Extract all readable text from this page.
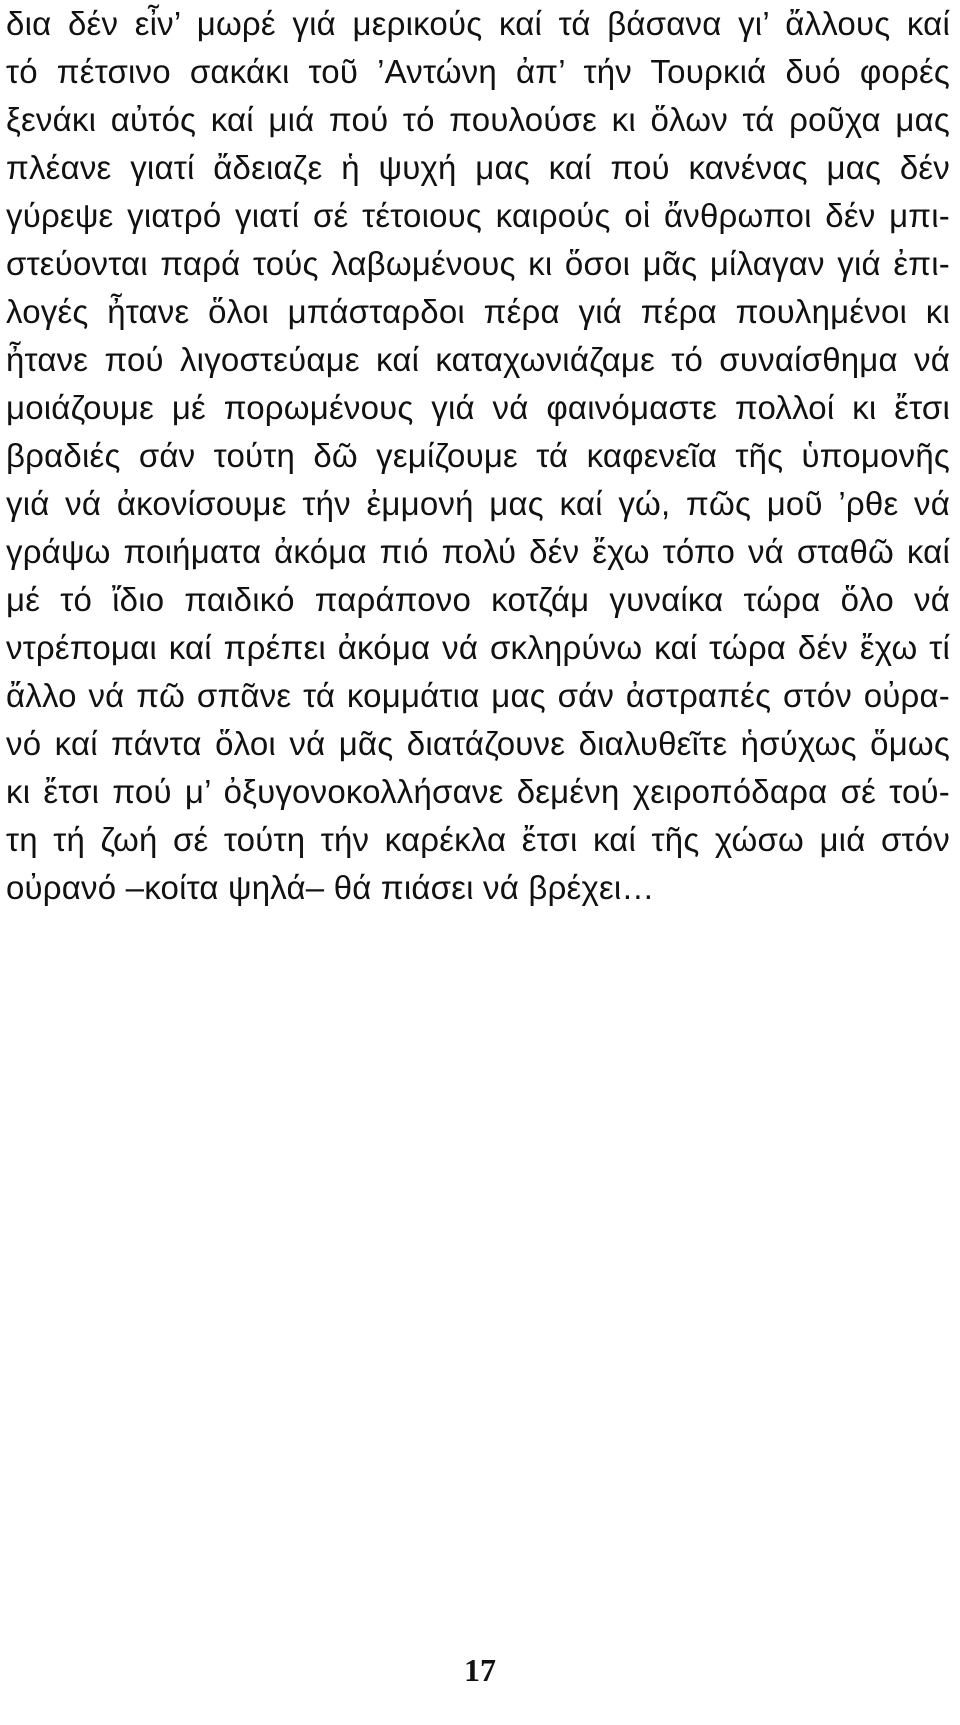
δια δέν εἶν’ μωρέ γιά μερικούς καί τά βάσανα γι’ ἄλλους καί
τό πέτσινο σακάκι τοῦ ’Αντώνη ἀπ’ τήν Τουρκιά δυό φορές
ξενάκι αὐτός καί μιά πού τό πουλούσε κι ὅλων τά ροῦχα μας
πλέανε γιατί ἄδειαζε ἡ ψυχή μας καί πού κανένας μας δέν
γύρεψε γιατρό γιατί σέ τέτοιους καιρούς οἱ ἄνθρωποι δέν μπι-
στεύονται παρά τούς λαβωμένους κι ὅσοι μᾶς μίλαγαν γιά ἐπι-
λογές ἦτανε ὅλοι μπάσταρδοι πέρα γιά πέρα πουλημένοι κι
ἦτανε πού λιγοστεύαμε καί καταχωνιάζαμε τό συναίσθημα νά
μοιάζουμε μέ πορωμένους γιά νά φαινόμαστε πολλοί κι ἔτσι
βραδιές σάν τούτη δῶ γεμίζουμε τά καφενεῖα τῆς ὑπομονῆς
γιά νά ἀκονίσουμε τήν ἐμμονή μας καί γώ, πῶς μοῦ ’ρθε νά
γράψω ποιήματα ἀκόμα πιό πολύ δέν ἔχω τόπο νά σταθῶ καί
μέ τό ἴδιο παιδικό παράπονο κοτζάμ γυναίκα τώρα ὅλο νά
ντρέπομαι καί πρέπει ἀκόμα νά σκληρύνω καί τώρα δέν ἔχω τί
ἄλλο νά πῶ σπᾶνε τά κομμάτια μας σάν ἀστραπές στόν οὐρα-
νό καί πάντα ὅλοι νά μᾶς διατάζουνε διαλυθεῖτε ἡσύχως ὅμως
κι ἔτσι πού μ’ ὀξυγονοκολλήσανε δεμένη χειροπόδαρα σέ τού-
τη τή ζωή σέ τούτη τήν καρέκλα ἔτσι καί τῆς χώσω μιά στόν
οὐρανό –κοίτα ψηλά– θά πιάσει νά βρέχει…
17
